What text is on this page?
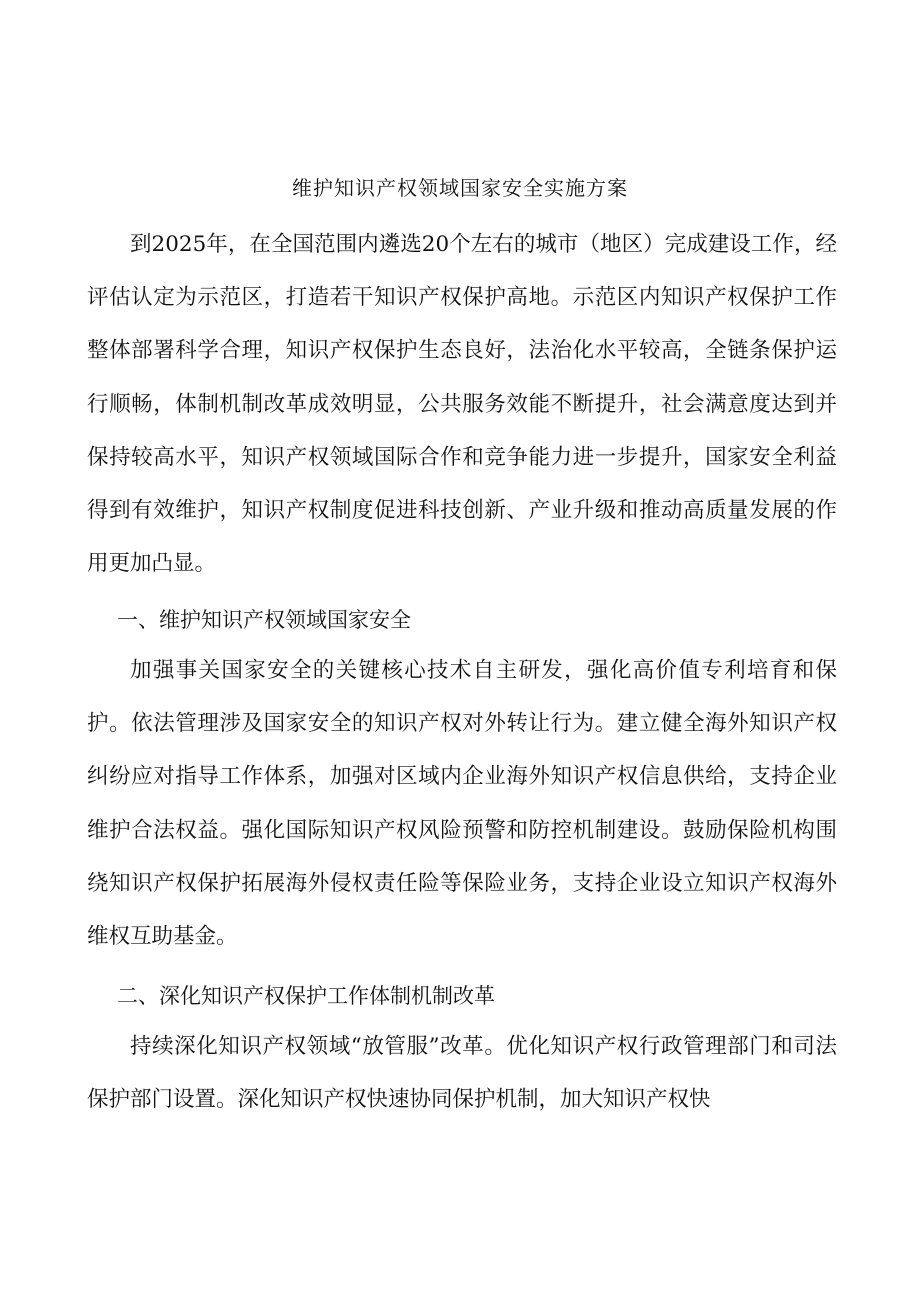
维护知识产权领域国家安全实施方案

到2025年，在全国范围内遴选20个左右的城市（地区）完成建设工作，经评估认定为示范区，打造若干知识产权保护高地。示范区内知识产权保护工作整体部署科学合理，知识产权保护生态良好，法治化水平较高，全链条保护运行顺畅，体制机制改革成效明显，公共服务效能不断提升，社会满意度达到并保持较高水平，知识产权领域国际合作和竞争能力进一步提升，国家安全利益得到有效维护，知识产权制度促进科技创新、产业升级和推动高质量发展的作用更加凸显。

一、维护知识产权领域国家安全

加强事关国家安全的关键核心技术自主研发，强化高价值专利培育和保护。依法管理涉及国家安全的知识产权对外转让行为。建立健全海外知识产权纠纷应对指导工作体系，加强对区域内企业海外知识产权信息供给，支持企业维护合法权益。强化国际知识产权风险预警和防控机制建设。鼓励保险机构围绕知识产权保护拓展海外侵权责任险等保险业务，支持企业设立知识产权海外维权互助基金。

二、深化知识产权保护工作体制机制改革

持续深化知识产权领域“放管服”改革。优化知识产权行政管理部门和司法保护部门设置。深化知识产权快速协同保护机制，加大知识产权快
